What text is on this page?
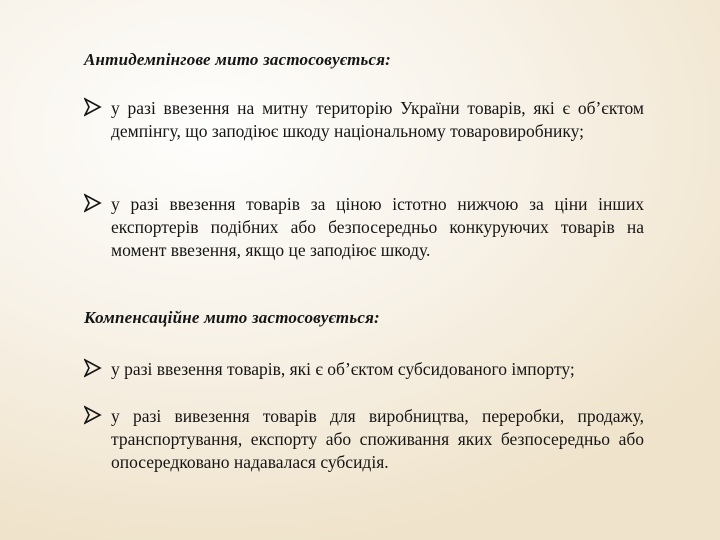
Антидемпінгове мито застосовується:

у разі ввезення на митну територію України товарів, які є об’єктом демпінгу, що заподіює шкоду національному товаровиробнику;

у разі ввезення товарів за ціною істотно нижчою за ціни інших експортерів подібних або безпосередньо конкуруючих товарів на момент ввезення, якщо це заподіює шкоду.

Компенсаційне мито застосовується:

у разі ввезення товарів, які є об’єктом субсидованого імпорту;

у разі вивезення товарів для виробництва, переробки, продажу, транспортування, експорту або споживання яких безпосередньо або опосередковано надавалася субсидія.
